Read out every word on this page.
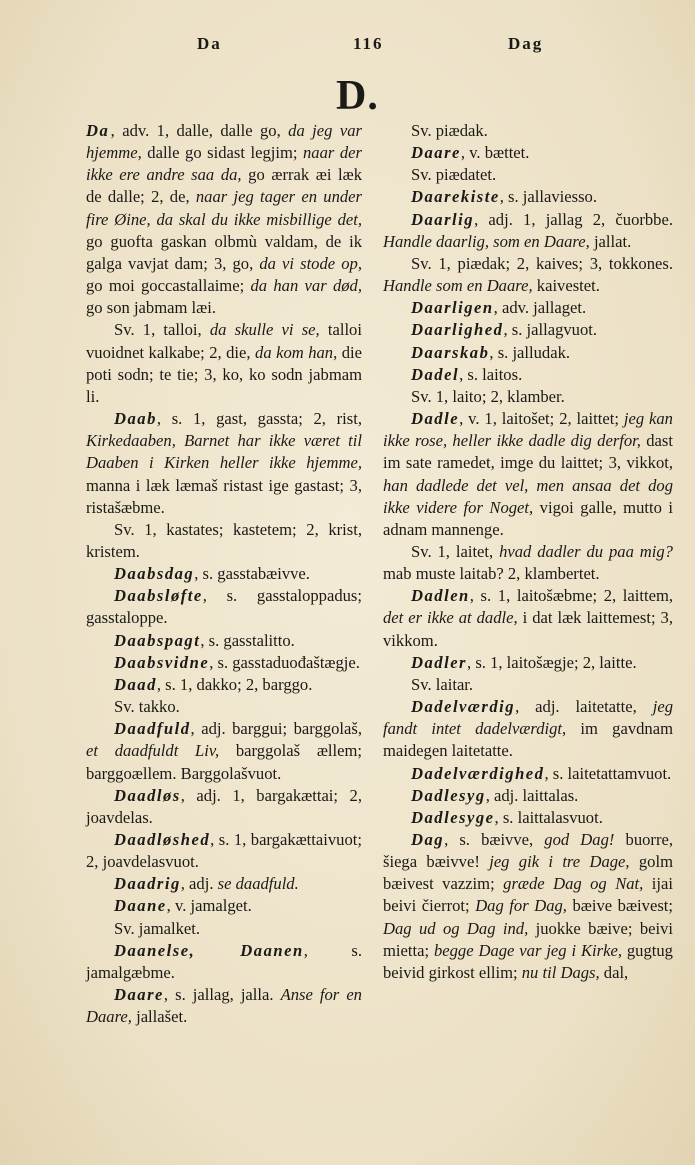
Da	116	Dag
D.

Da , adv. 1, dalle, dalle go, da jeg var hjemme, dalle go sidast legjim; naar der ikke ere andre saa da, go ærrak æi læk de dalle; 2, de, naar jeg tager en under fire Øine, da skal du ikke misbillige det, go guofta gaskan olbmù valdam, de ik galga vavjat dam; 3, go, da vi stode op, go moi goccastallaime; da han var død, go son jabmam læi.

Sv. 1, talloi, da skulle vi se, talloi vuoidnet kalkabe; 2, die, da kom han, die poti sodn; te tie; 3, ko, ko sodn jabmam li.

Daab, s. 1, gast, gassta; 2, rist, Kirkedaaben, Barnet har ikke været til Daaben i Kirken heller ikke hjemme, manna i læk læmaš ristast ige gastast; 3, ristašæbme.

Sv. 1, kastates; kastetem; 2, krist, kristem.

Daabsdag, s. gasstabæivve.

Daabsløfte, s. gasstaloppadus; gasstaloppe.

Daabspagt, s. gasstalitto.

Daabsvidne, s. gasstaduođaštægje.

Daad, s. 1, dakko; 2, barggo.

Sv. takko.

Daadfuld, adj. barggui; barggolaš, et daadfuldt Liv, barggolaš ællem; barggoællem. Barggolašvuot.

Daadløs, adj. 1, bargakættai; 2, joavdelas.

Daadløshed, s. 1, bargakættaivuot; 2, joavdelasvuot.

Daadrig, adj. se daadfuld.

Daane, v. jamalget.

Sv. jamalket.

Daanelse, Daanen, s. jamalgæbme.

Daare, s. jallag, jalla. Anse for en Daare, jallašet.

Sv. piædak.

Daare, v. bættet.

Sv. piædatet.

Daarekiste, s. jallaviesso.

Daarlig, adj. 1, jallag 2, čuorbbe. Handle daarlig, som en Daare, jallat.

Sv. 1, piædak; 2, kaives; 3, tokkones. Handle som en Daare, kaivestet.

Daarligen, adv. jallaget.

Daarlighed, s. jallagvuot.

Daarskab, s. jalludak.

Dadel, s. laitos.

Sv. 1, laito; 2, klamber.

Dadle, v. 1, laitošet; 2, laittet; jeg kan ikke rose, heller ikke dadle dig derfor, dast im sate ramedet, imge du laittet; 3, vikkot, han dadlede det vel, men ansaa det dog ikke videre for Noget, vigoi galle, mutto i adnam mannenge.

Sv. 1, laitet, hvad dadler du paa mig? mab muste laitab? 2, klambertet.

Dadlen, s. 1, laitošæbme; 2, laittem, det er ikke at dadle, i dat læk laittemest; 3, vikkom.

Dadler, s. 1, laitošægje; 2, laitte.

Sv. laitar.

Dadelværdig, adj. laitetatte, jeg fandt intet dadelværdigt, im gavdnam maidegen laitetatte.

Dadelværdighed, s. laitetattamvuot.

Dadlesyg, adj. laittalas.

Dadlesyge, s. laittalasvuot.

Dag, s. bæivve, god Dag! buorre, šiega bæivve! jeg gik i tre Dage, golm bæivest vazzim; græde Dag og Nat, ijai beivi čierrot; Dag for Dag, bæive bæivest; Dag ud og Dag ind, juokke bæive; beivi mietta; begge Dage var jeg i Kirke, gugtug beivid girkost ellim; nu til Dags, dal,
